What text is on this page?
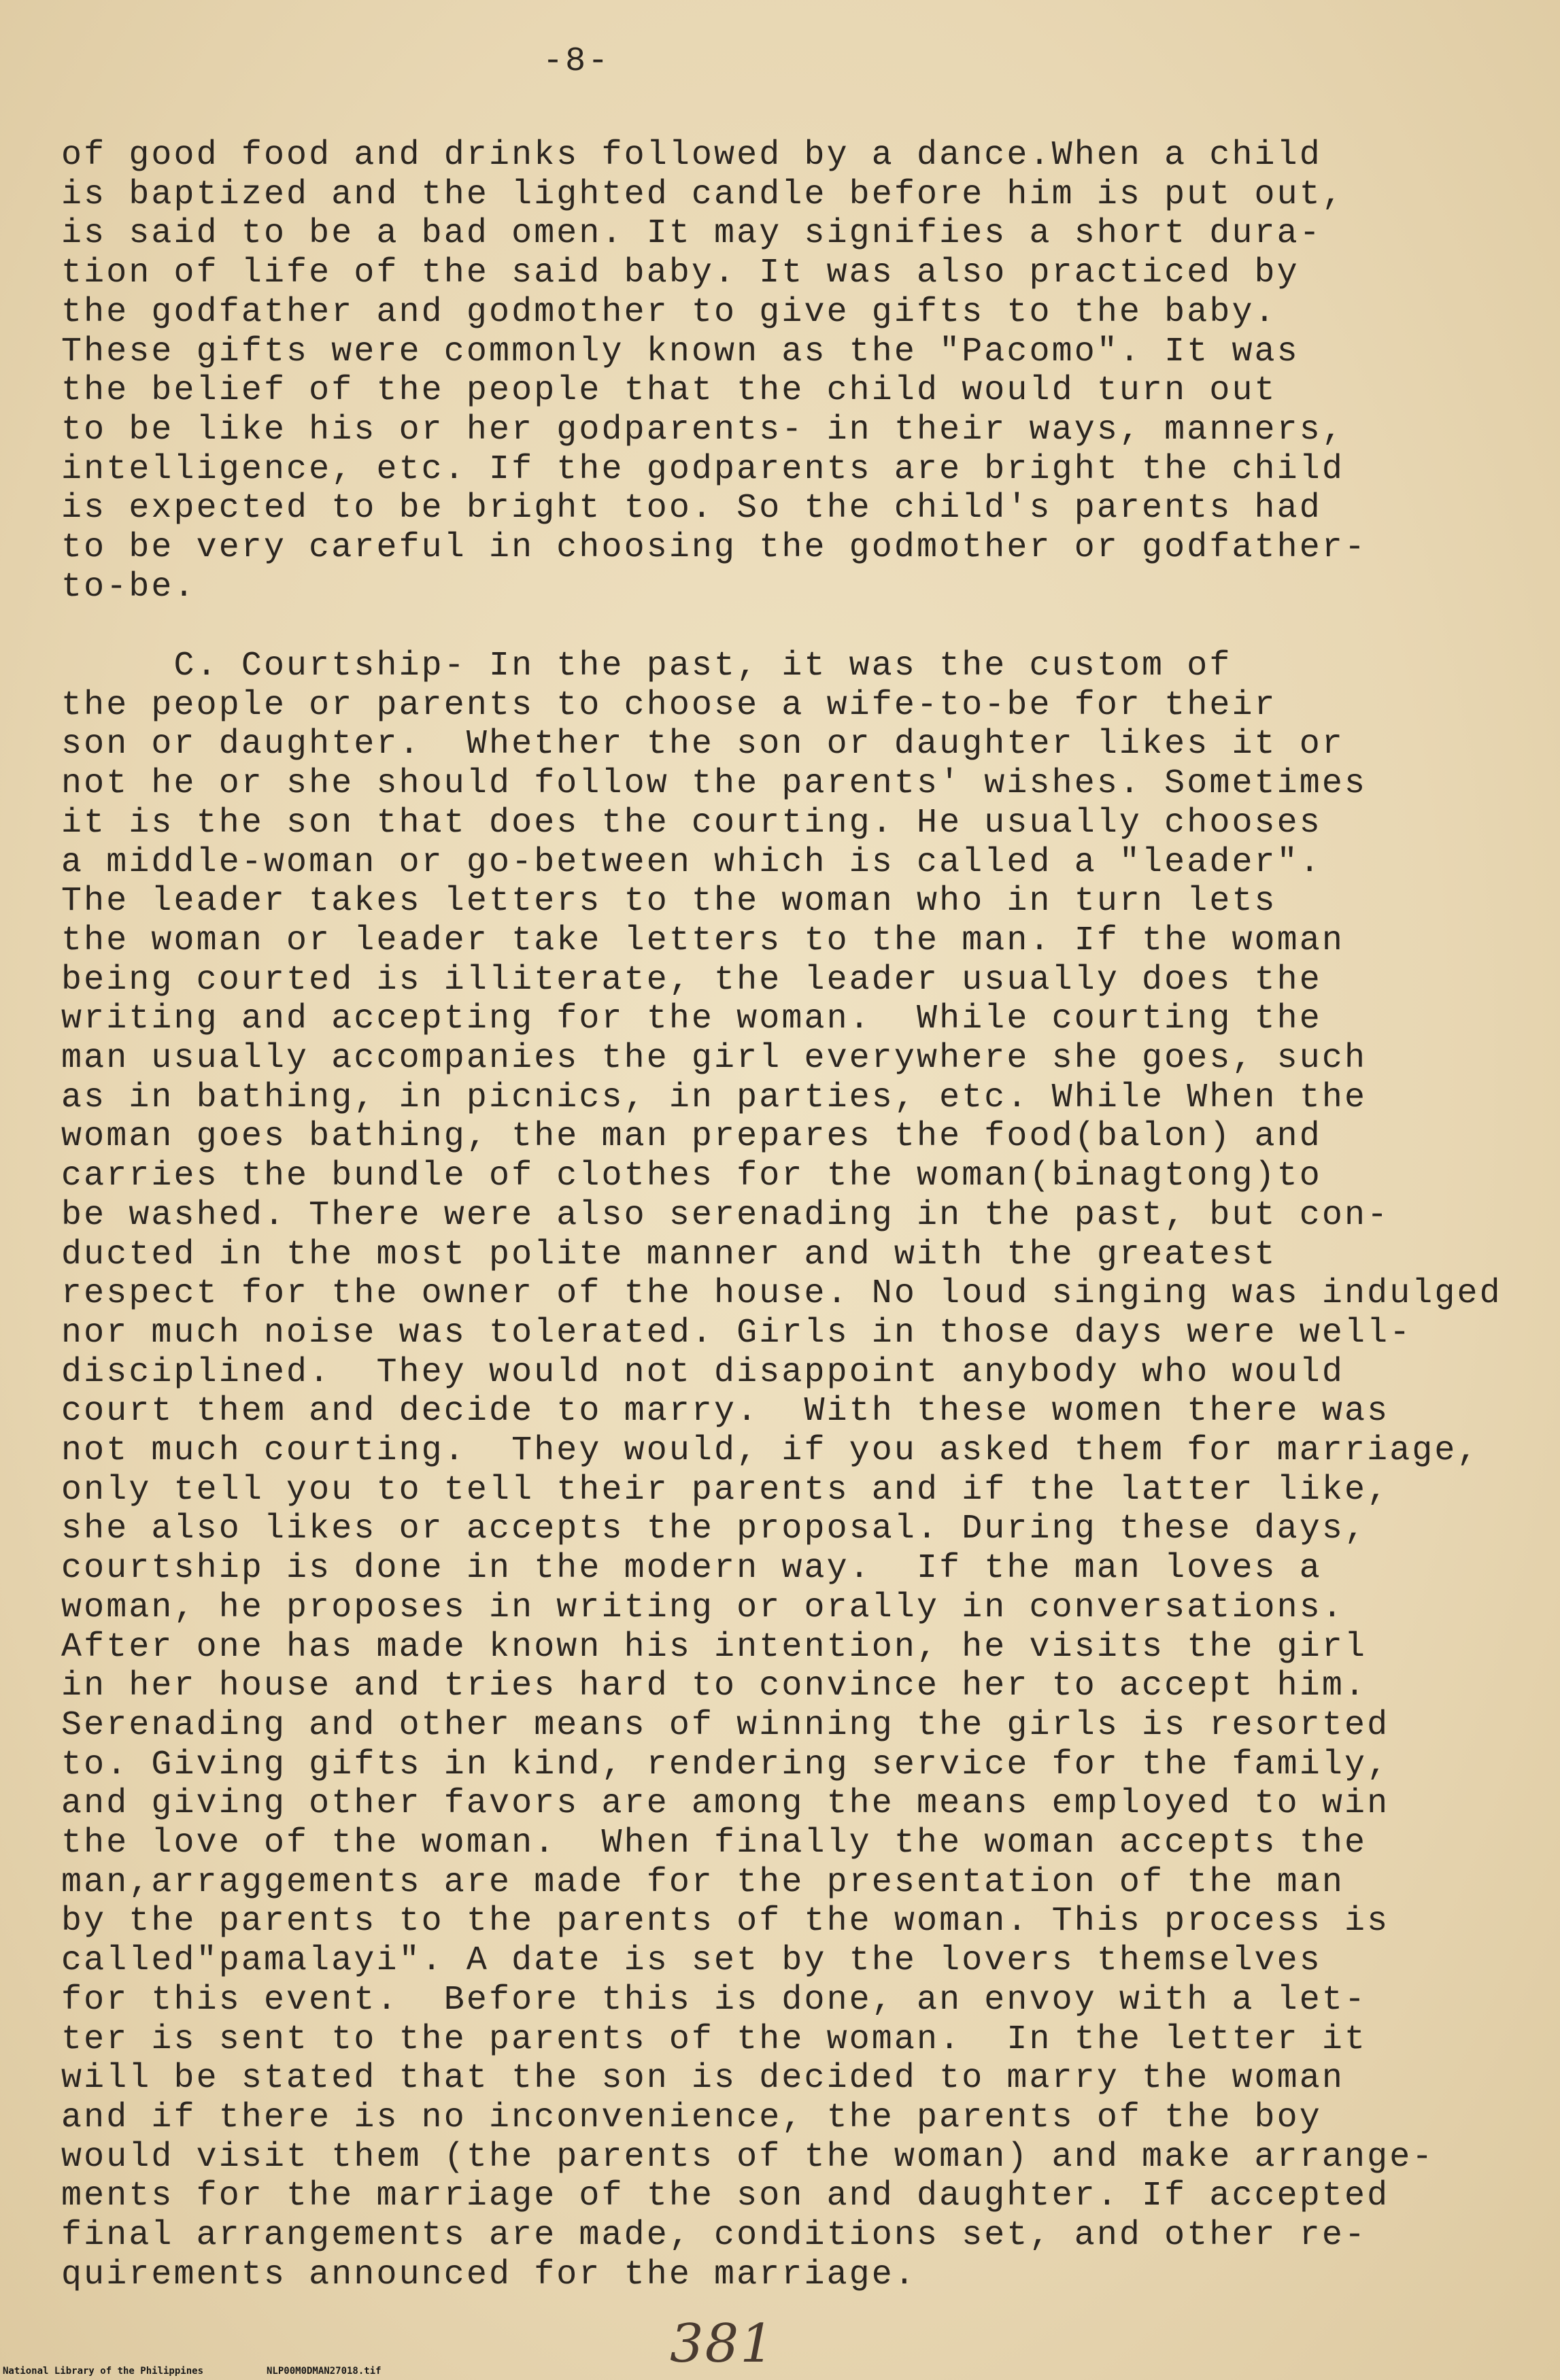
-8-
of good food and drinks followed by a dance.When a child
is baptized and the lighted candle before him is put out,
is said to be a bad omen. It may signifies a short dura-
tion of life of the said baby. It was also practiced by
the godfather and godmother to give gifts to the baby.
These gifts were commonly known as the "Pacomo". It was
the belief of the people that the child would turn out
to be like his or her godparents- in their ways, manners,
intelligence, etc. If the godparents are bright the child
is expected to be bright too. So the child's parents had
to be very careful in choosing the godmother or godfather-
to-be.
C. Courtship- In the past, it was the custom of
the people or parents to choose a wife-to-be for their
son or daughter.  Whether the son or daughter likes it or
not he or she should follow the parents' wishes. Sometimes
it is the son that does the courting. He usually chooses
a middle-woman or go-between which is called a "leader".
The leader takes letters to the woman who in turn lets
the woman or leader take letters to the man. If the woman
being courted is illiterate, the leader usually does the
writing and accepting for the woman.  While courting the
man usually accompanies the girl everywhere she goes, such
as in bathing, in picnics, in parties, etc. While When the
woman goes bathing, the man prepares the food(balon) and
carries the bundle of clothes for the woman(binagtong)to
be washed. There were also serenading in the past, but con-
ducted in the most polite manner and with the greatest
respect for the owner of the house. No loud singing was indulged
nor much noise was tolerated. Girls in those days were well-
disciplined.  They would not disappoint anybody who would
court them and decide to marry.  With these women there was
not much courting.  They would, if you asked them for marriage,
only tell you to tell their parents and if the latter like,
she also likes or accepts the proposal. During these days,
courtship is done in the modern way.  If the man loves a
woman, he proposes in writing or orally in conversations.
After one has made known his intention, he visits the girl
in her house and tries hard to convince her to accept him.
Serenading and other means of winning the girls is resorted
to. Giving gifts in kind, rendering service for the family,
and giving other favors are among the means employed to win
the love of the woman.  When finally the woman accepts the
man,arraggements are made for the presentation of the man
by the parents to the parents of the woman. This process is
called"pamalayi". A date is set by the lovers themselves
for this event.  Before this is done, an envoy with a let-
ter is sent to the parents of the woman.  In the letter it
will be stated that the son is decided to marry the woman
and if there is no inconvenience, the parents of the boy
would visit them (the parents of the woman) and make arrange-
ments for the marriage of the son and daughter. If accepted
final arrangements are made, conditions set, and other re-
quirements announced for the marriage.
381
National Library of the Philippines	NLP00M0DMAN27018.tif
